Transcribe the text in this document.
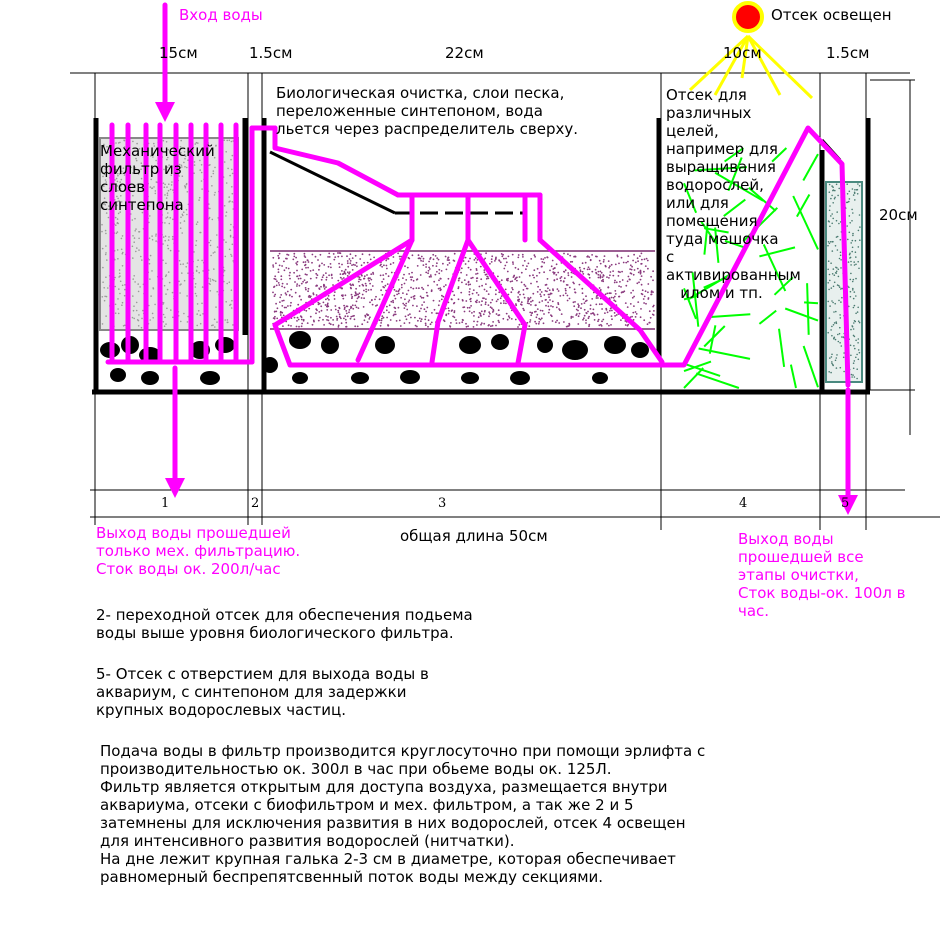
Вход воды	Отсек освещен
15см	1.5см	22см	10см	1.5см
20см
Механический
фильтр из
слоев
синтепона
Биологическая очистка, слои песка,
переложенные синтепоном, вода
льется через распределитель сверху.
Отсек для
различных
целей,
например для
выращивания
водорослей,
или для
помещения
туда мешочка
с
активированным
илом и тп.
1	2	3	4	5
Выход воды прошедшей
только мех. фильтрацию.
Сток воды ок. 200л/час
общая длина 50см	Выход воды
прошедшей все
этапы очистки,
Сток воды-ок. 100л в
час.
2- переходной отсек для обеспечения подьема
воды выше уровня биологического фильтра.
5- Отсек с отверстием для выхода воды в
аквариум, с синтепоном для задержки
крупных водорослевых частиц.
Подача воды в фильтр производится круглосуточно при помощи эрлифта с
производительностью ок. 300л в час при обьеме воды ок. 125Л.
Фильтр является открытым для доступа воздуха, размещается внутри
аквариума, отсеки с биофильтром и мех. фильтром, а так же 2 и 5
затемнены для исключения развития в них водорослей, отсек 4 освещен
для интенсивного развития водорослей (нитчатки).
На дне лежит крупная галька 2-3 см в диаметре, которая обеспечивает
равномерный беспрепятсвенный поток воды между секциями.
